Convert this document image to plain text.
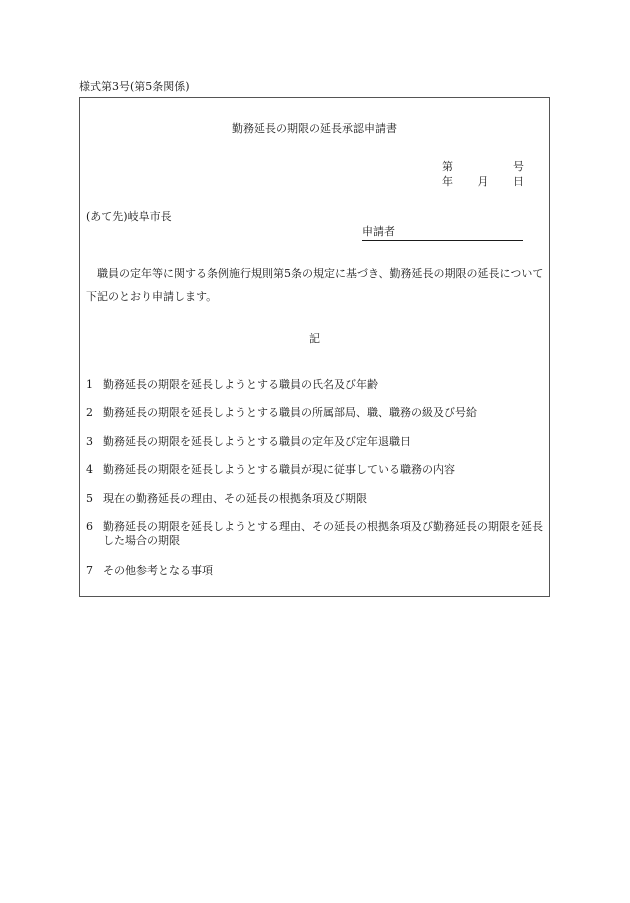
様式第3号(第5条関係)
勤務延長の期限の延長承認申請書
第	号
年 月 日
(あて先)岐阜市長
申請者
職員の定年等に関する条例施行規則第5条の規定に基づき、勤務延長の期限の延長について下記のとおり申請します。
記
1 勤務延長の期限を延長しようとする職員の氏名及び年齢
2 勤務延長の期限を延長しようとする職員の所属部局、職、職務の級及び号給
3 勤務延長の期限を延長しようとする職員の定年及び定年退職日
4 勤務延長の期限を延長しようとする職員が現に従事している職務の内容
5 現在の勤務延長の理由、その延長の根拠条項及び期限
6 勤務延長の期限を延長しようとする理由、その延長の根拠条項及び勤務延長の期限を延長した場合の期限
7 その他参考となる事項
